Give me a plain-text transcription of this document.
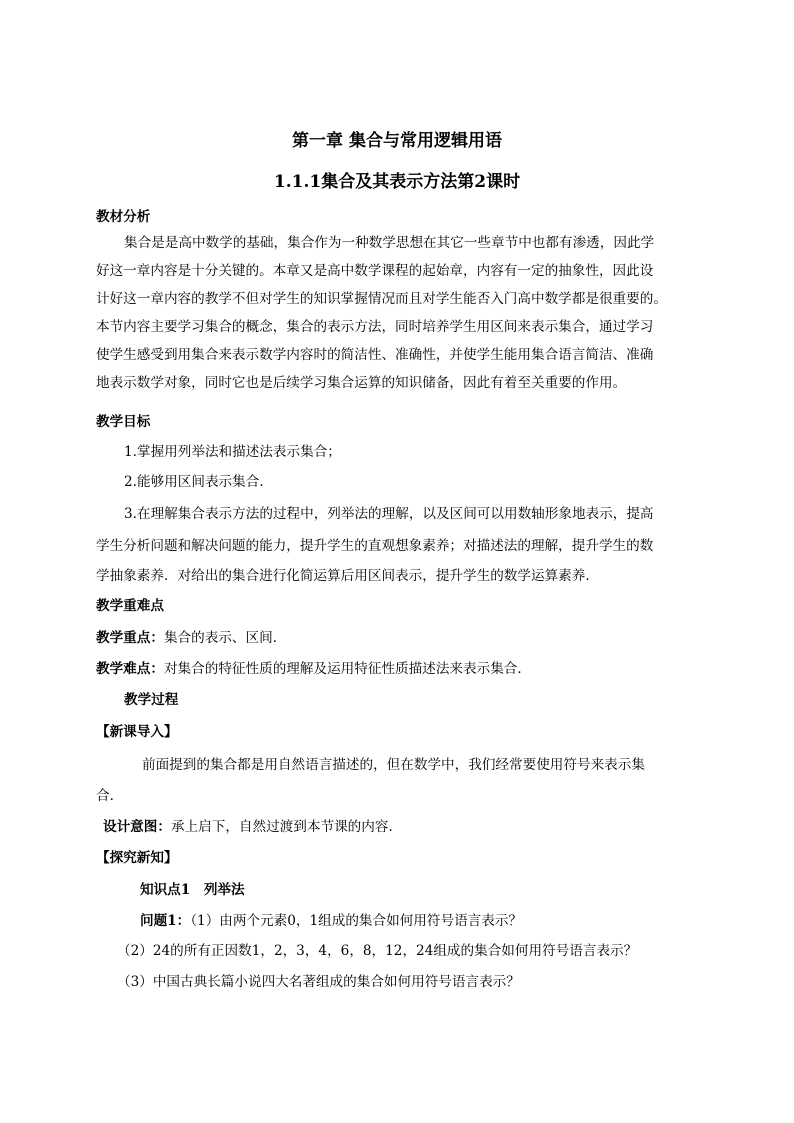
第一章 集合与常用逻辑用语
1.1.1集合及其表示方法第2课时
教材分析
集合是是高中数学的基础，集合作为一种数学思想在其它一些章节中也都有渗透，因此学
好这一章内容是十分关键的。本章又是高中数学课程的起始章，内容有一定的抽象性，因此设
计好这一章内容的教学不但对学生的知识掌握情况而且对学生能否入门高中数学都是很重要的。
本节内容主要学习集合的概念，集合的表示方法，同时培养学生用区间来表示集合，通过学习
使学生感受到用集合来表示数学内容时的简洁性、准确性，并使学生能用集合语言简洁、准确
地表示数学对象，同时它也是后续学习集合运算的知识储备，因此有着至关重要的作用。
教学目标
1.掌握用列举法和描述法表示集合；
2.能够用区间表示集合．
3.在理解集合表示方法的过程中，列举法的理解，以及区间可以用数轴形象地表示，提高
学生分析问题和解决问题的能力，提升学生的直观想象素养；对描述法的理解，提升学生的数
学抽象素养．对给出的集合进行化简运算后用区间表示，提升学生的数学运算素养．
教学重难点
教学重点：集合的表示、区间．
教学难点：对集合的特征性质的理解及运用特征性质描述法来表示集合．
教学过程
【新课导入】
前面提到的集合都是用自然语言描述的，但在数学中，我们经常要使用符号来表示集
合．
设计意图：承上启下，自然过渡到本节课的内容．
【探究新知】
知识点1　列举法
问题1：（1）由两个元素0，1组成的集合如何用符号语言表示？
（2）24的所有正因数1，2，3，4，6，8，12，24组成的集合如何用符号语言表示？
（3）中国古典长篇小说四大名著组成的集合如何用符号语言表示？
